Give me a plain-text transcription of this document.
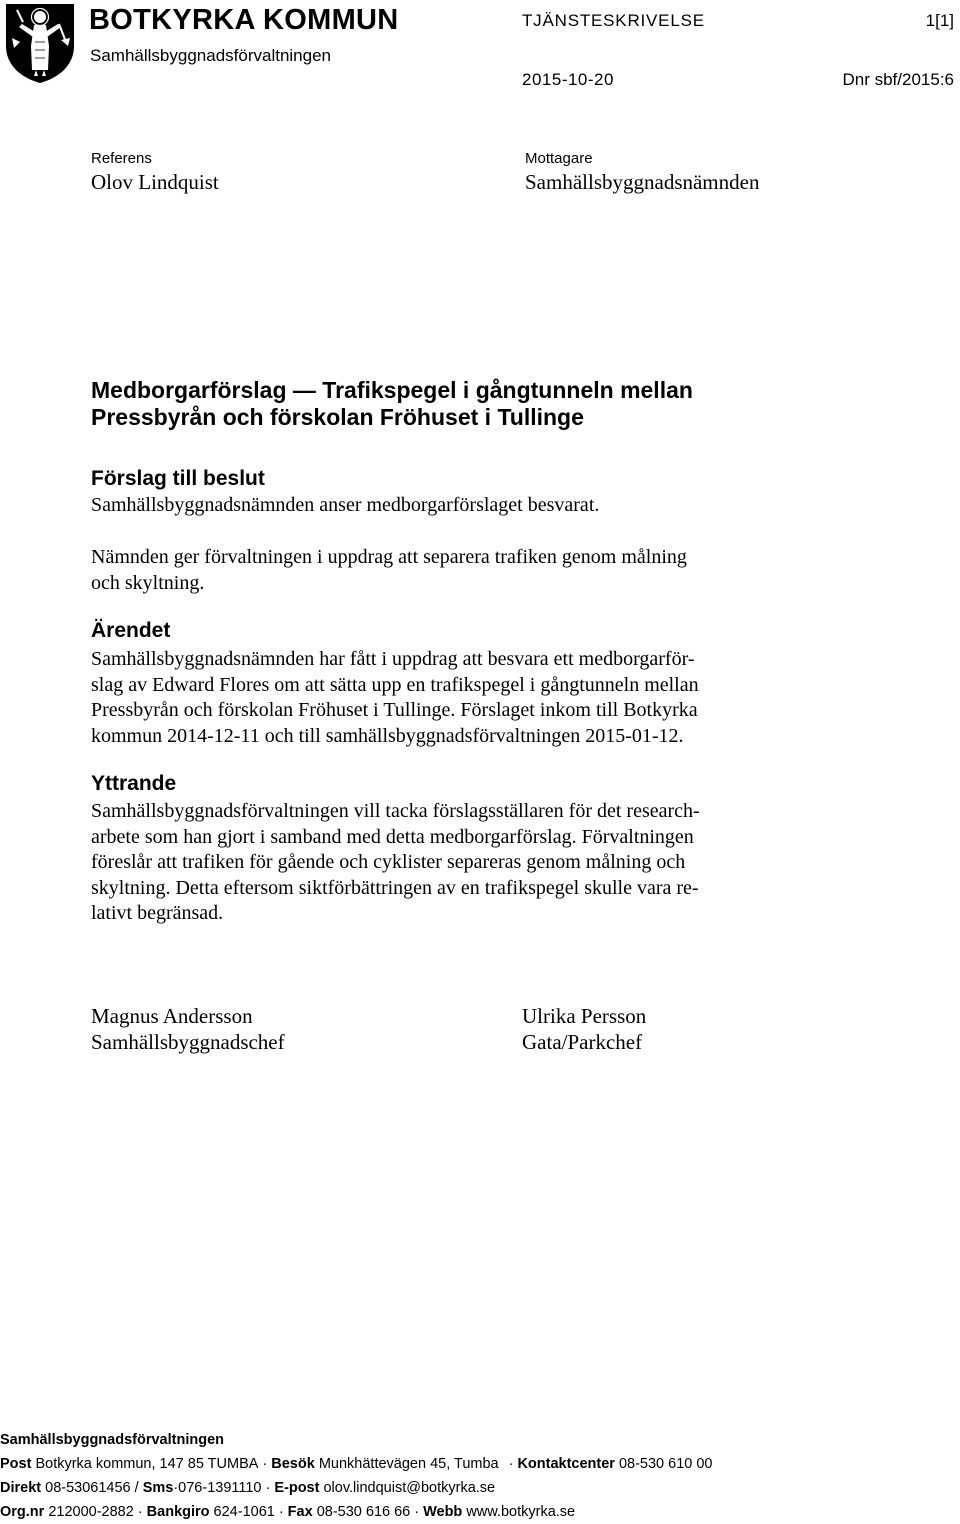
BOTKYRKA KOMMUN
Samhällsbyggnadsförvaltningen
TJÄNSTESKRIVELSE	1[1]
2015-10-20	Dnr sbf/2015:6
Referens
Olov Lindquist
Mottagare
Samhällsbyggnadsnämnden
Medborgarförslag — Trafikspegel i gångtunneln mellan
Pressbyrån och förskolan Fröhuset i Tullinge
Förslag till beslut

Samhällsbyggnadsnämnden anser medborgarförslaget besvarat.

Nämnden ger förvaltningen i uppdrag att separera trafiken genom målning

och skyltning.

Ärendet

Samhällsbyggnadsnämnden har fått i uppdrag att besvara ett medborgarför-

slag av Edward Flores om att sätta upp en trafikspegel i gångtunneln mellan

Pressbyrån och förskolan Fröhuset i Tullinge. Förslaget inkom till Botkyrka

kommun 2014-12-11 och till samhällsbyggnadsförvaltningen 2015-01-12.

Yttrande

Samhällsbyggnadsförvaltningen vill tacka förslagsställaren för det research-

arbete som han gjort i samband med detta medborgarförslag. Förvaltningen

föreslår att trafiken för gående och cyklister separeras genom målning och

skyltning. Detta eftersom siktförbättringen av en trafikspegel skulle vara re-

lativt begränsad.

Magnus Andersson

Samhällsbyggnadschef

Ulrika Persson

Gata/Parkchef

Samhällsbyggnadsförvaltningen
Post Botkyrka kommun, 147 85 TUMBA · Besök Munkhättevägen 45, Tumba · Kontaktcenter 08-530 610 00
Direkt 08-53061456 / Sms·076-1391110 · E-post olov.lindquist@botkyrka.se
Org.nr 212000-2882 · Bankgiro 624-1061 · Fax 08-530 616 66 · Webb www.botkyrka.se
